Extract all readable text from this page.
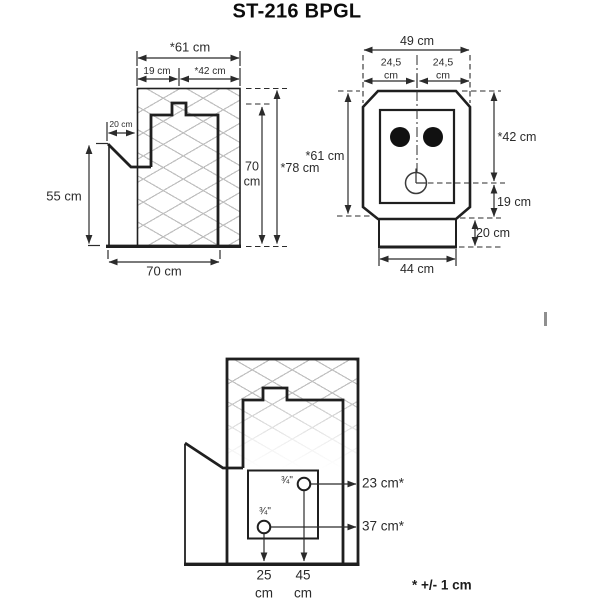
ST-216 BPGL
*61 cm
19 cm *42 cm
20 cm
55 cm
70 cm
70
cm
*78 cm
49 cm
24,5
cm
24,5
cm
*61 cm
*42 cm
19 cm
20 cm
44 cm
¾"
¾"
23 cm*
37 cm*
25
cm
45
cm	* +/- 1 cm
